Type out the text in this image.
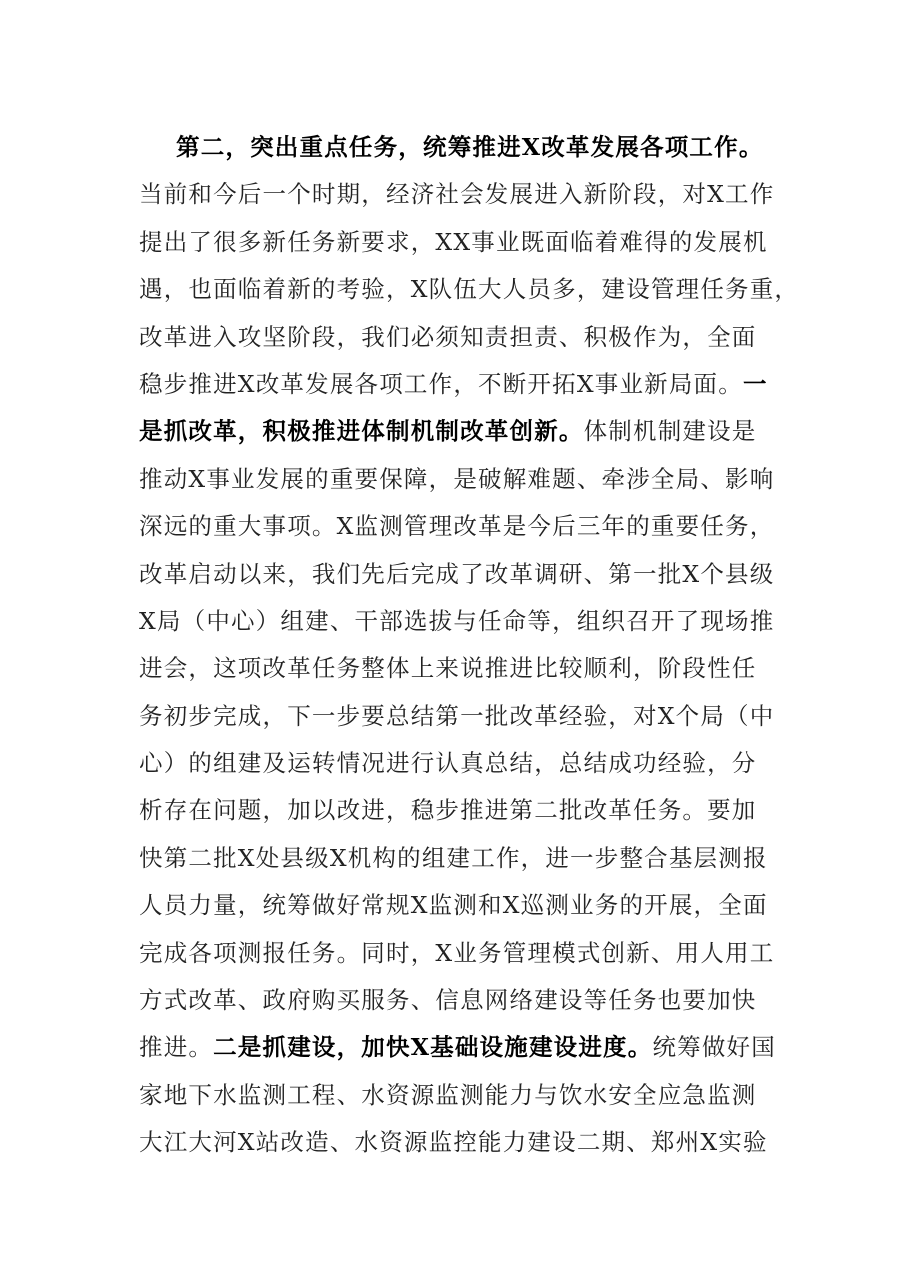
第二，突出重点任务，统筹推进X改革发展各项工作。
当前和今后一个时期，经济社会发展进入新阶段，对X工作
提出了很多新任务新要求，XX事业既面临着难得的发展机
遇，也面临着新的考验，X队伍大人员多，建设管理任务重，
改革进入攻坚阶段，我们必须知责担责、积极作为，全面
稳步推进X改革发展各项工作，不断开拓X事业新局面。一
是抓改革，积极推进体制机制改革创新。体制机制建设是
推动X事业发展的重要保障，是破解难题、牵涉全局、影响
深远的重大事项。X监测管理改革是今后三年的重要任务，
改革启动以来，我们先后完成了改革调研、第一批X个县级
X局（中心）组建、干部选拔与任命等，组织召开了现场推
进会，这项改革任务整体上来说推进比较顺利，阶段性任
务初步完成，下一步要总结第一批改革经验，对X个局（中
心）的组建及运转情况进行认真总结，总结成功经验，分
析存在问题，加以改进，稳步推进第二批改革任务。要加
快第二批X处县级X机构的组建工作，进一步整合基层测报
人员力量，统筹做好常规X监测和X巡测业务的开展，全面
完成各项测报任务。同时，X业务管理模式创新、用人用工
方式改革、政府购买服务、信息网络建设等任务也要加快
推进。二是抓建设，加快X基础设施建设进度。统筹做好国
家地下水监测工程、水资源监测能力与饮水安全应急监测
大江大河X站改造、水资源监控能力建设二期、郑州X实验
